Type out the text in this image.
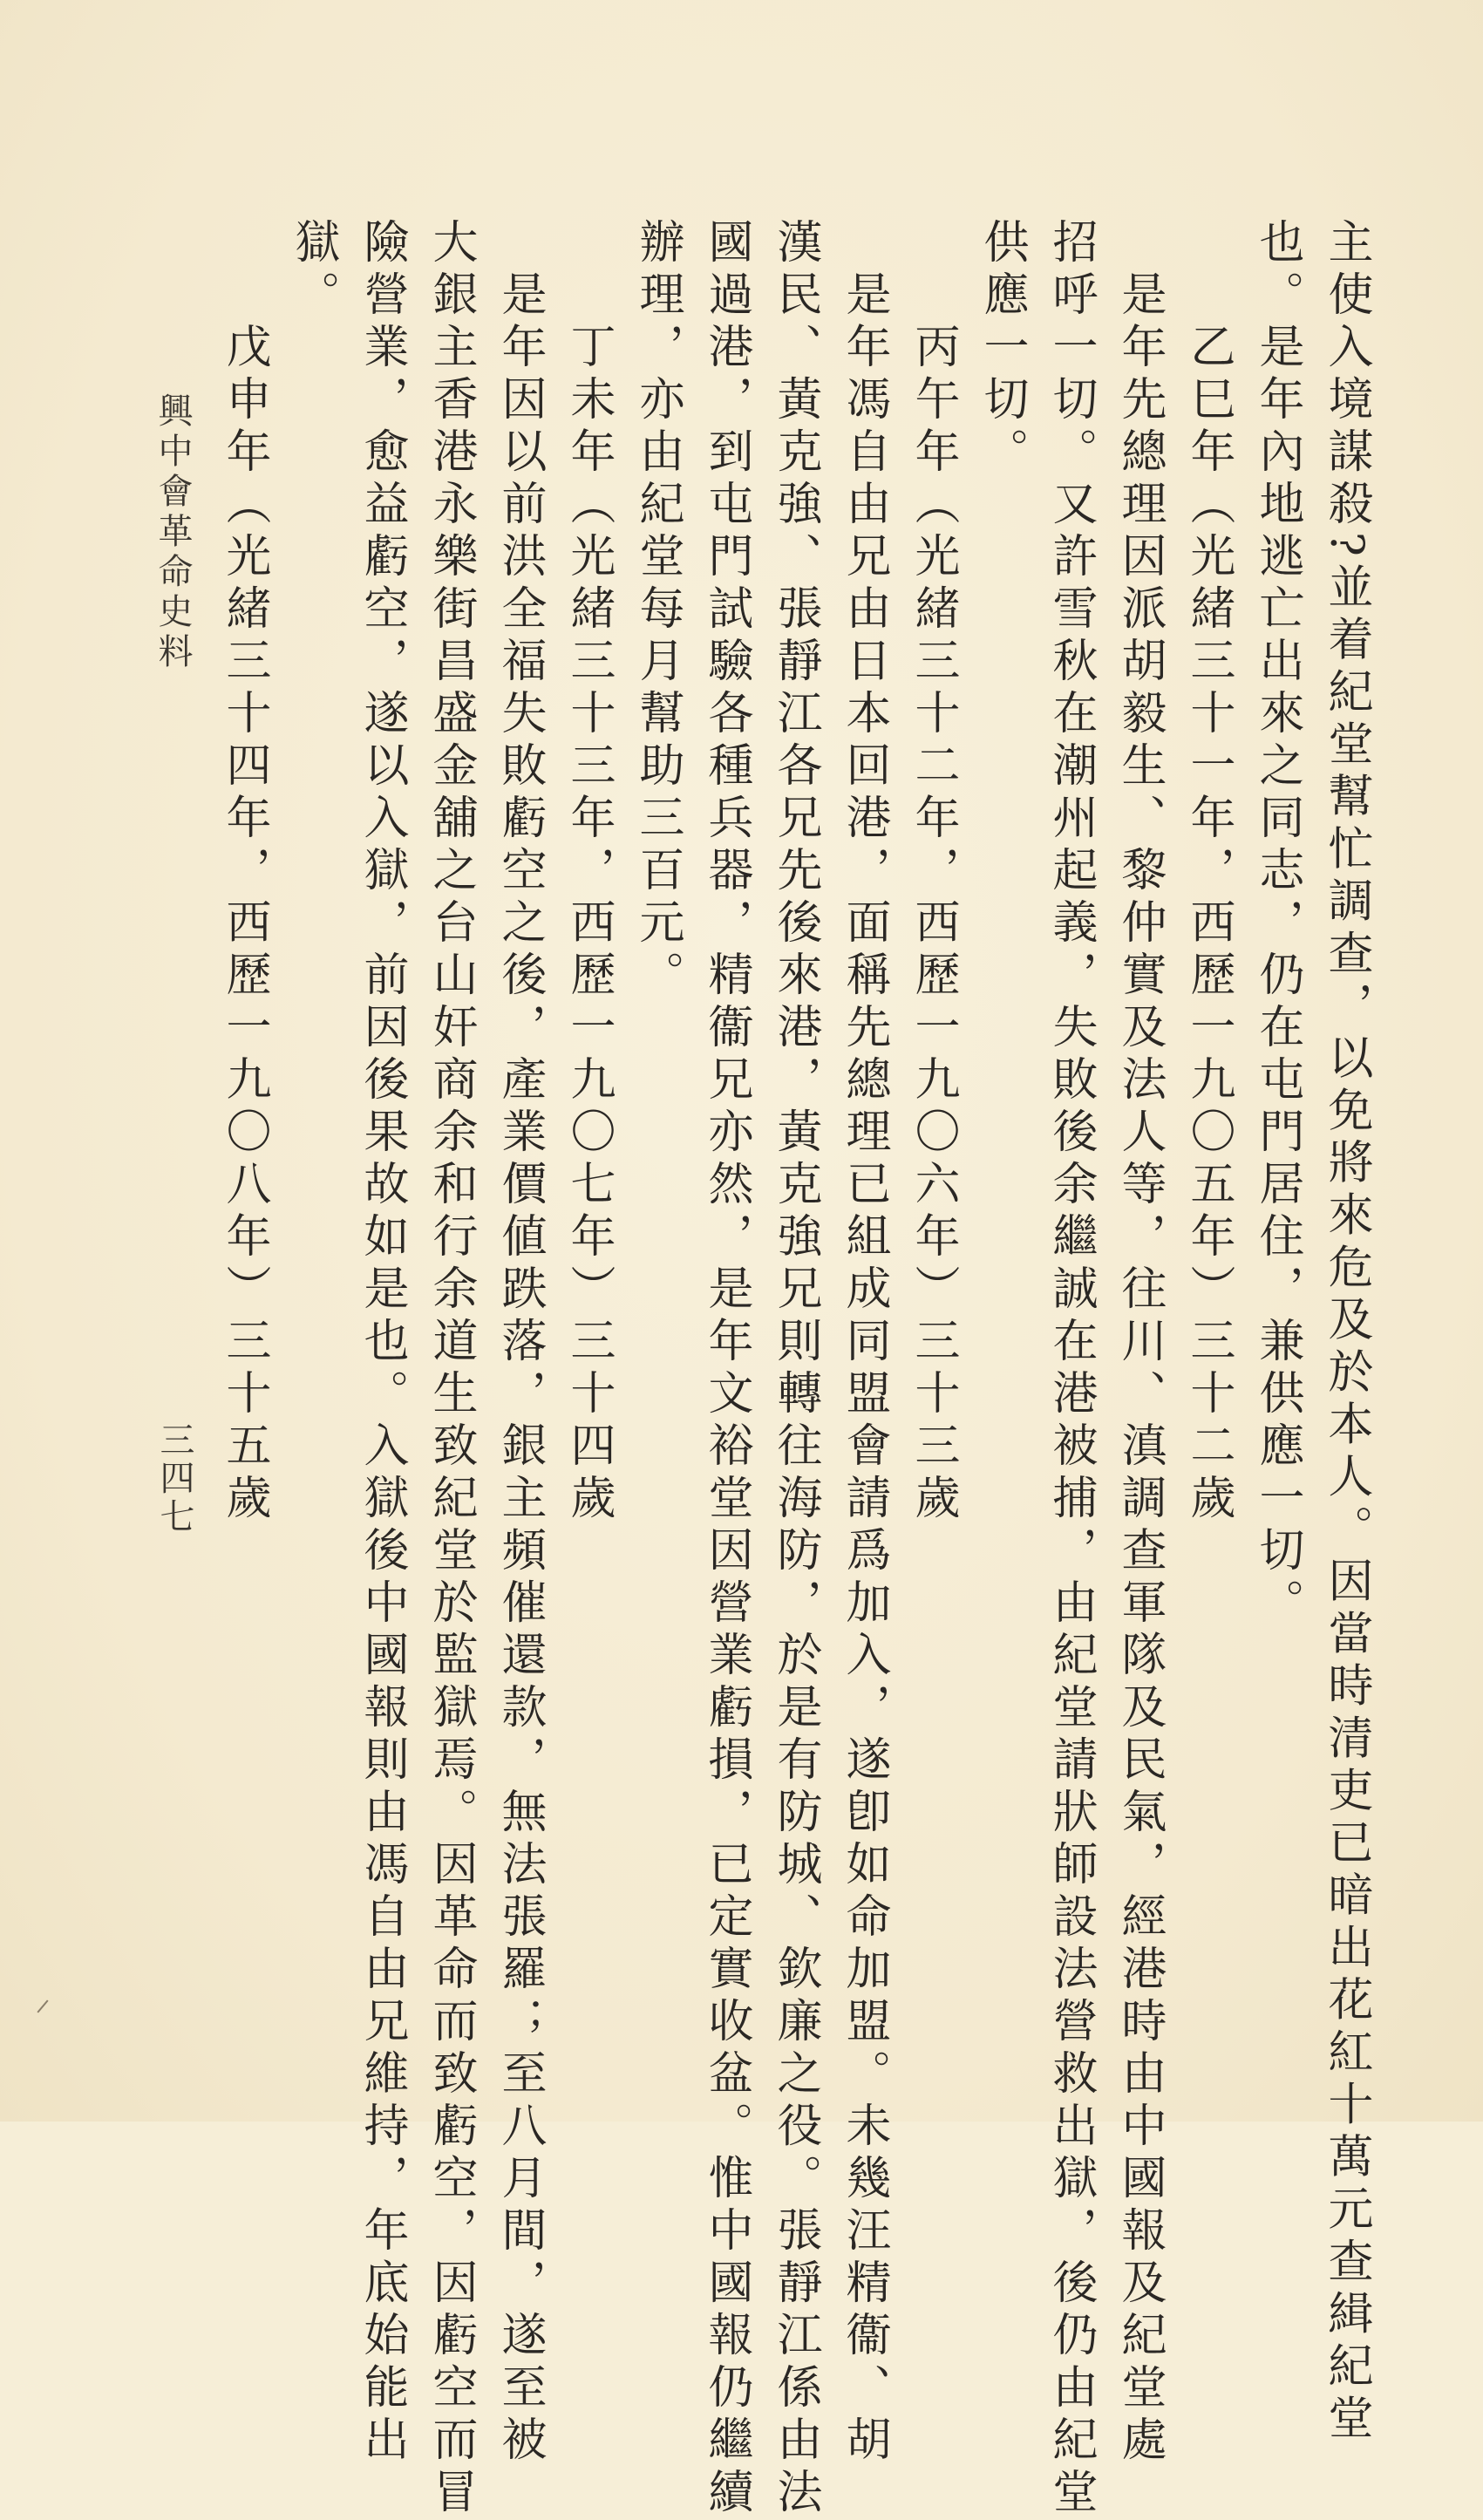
主使入境謀殺?並着紀堂幫忙調查，以免將來危及於本人。因當時清吏已暗出花紅十萬元查緝紀堂
也。是年內地逃亡出來之同志，仍在屯門居住，兼供應一切。
乙巳年（光緒三十一年，西歷一九〇五年）三十二歲
是年先總理因派胡毅生、黎仲實及法人等，往川、滇調查軍隊及民氣，經港時由中國報及紀堂處
招呼一切。又許雪秋在潮州起義，失敗後余繼誠在港被捕，由紀堂請狀師設法營救出獄，後仍由紀堂
供應一切。
丙午年（光緒三十二年，西歷一九〇六年）三十三歲
是年馮自由兄由日本回港，面稱先總理已組成同盟會請爲加入，遂卽如命加盟。未幾汪精衞、胡
漢民、黃克強、張靜江各兄先後來港，黃克強兄則轉往海防，於是有防城、欽廉之役。張靜江係由法
國過港，到屯門試驗各種兵器，精衞兄亦然，是年文裕堂因營業虧損，已定實收盆。惟中國報仍繼續
辦理，亦由紀堂每月幫助三百元。
丁未年（光緒三十三年，西歷一九〇七年）三十四歲
是年因以前洪全福失敗虧空之後，產業價値跌落，銀主頻催還款，無法張羅；至八月間，遂至被
大銀主香港永樂街昌盛金舖之台山奸商余和行余道生致紀堂於監獄焉。因革命而致虧空，因虧空而冒
險營業，愈益虧空，遂以入獄，前因後果故如是也。入獄後中國報則由馮自由兄維持，年底始能出
獄。
戊申年（光緒三十四年，西歷一九〇八年）三十五歲
興中會革命史料
三四七
